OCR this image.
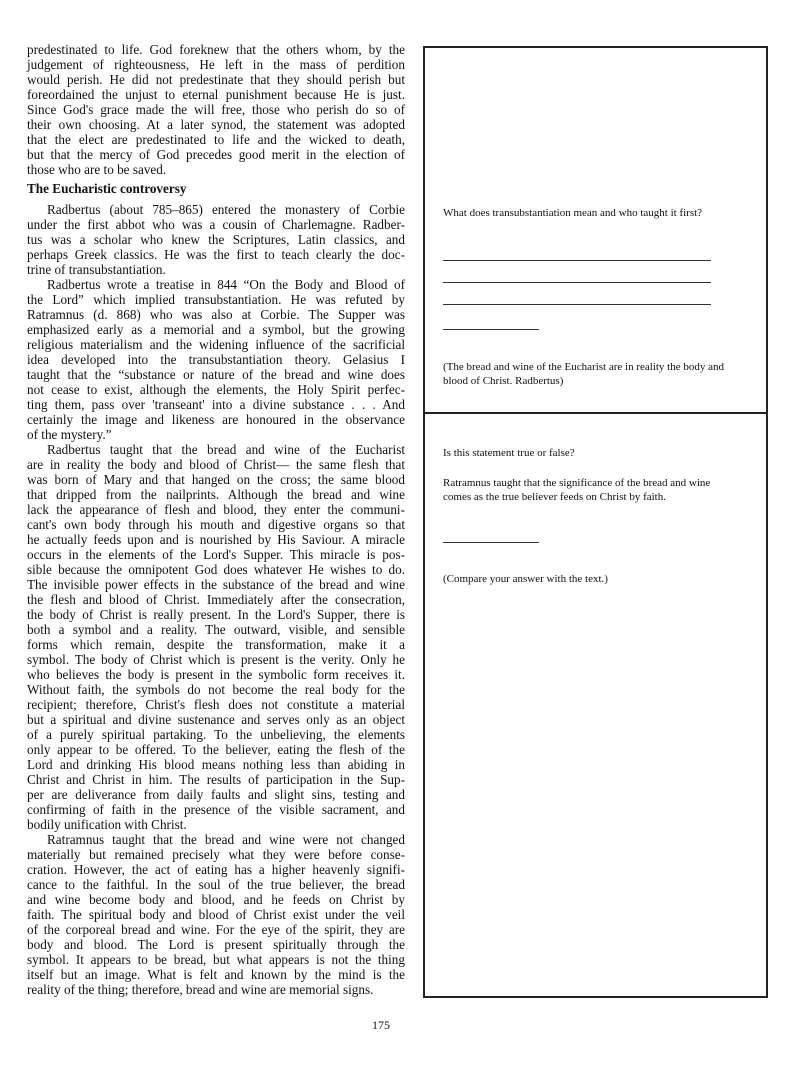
predestinated to life. God foreknew that the others whom, by the
judgement of righteousness, He left in the mass of perdition
would perish. He did not predestinate that they should perish but
foreordained the unjust to eternal punishment because He is just.
Since God's grace made the will free, those who perish do so of
their own choosing. At a later synod, the statement was adopted
that the elect are predestinated to life and the wicked to death,
but that the mercy of God precedes good merit in the election of
those who are to be saved.
The Eucharistic controversy
Radbertus (about 785–865) entered the monastery of Corbie
under the first abbot who was a cousin of Charlemagne. Radber-
tus was a scholar who knew the Scriptures, Latin classics, and
perhaps Greek classics. He was the first to teach clearly the doc-
trine of transubstantiation.
Radbertus wrote a treatise in 844 “On the Body and Blood of
the Lord” which implied transubstantiation. He was refuted by
Ratramnus (d. 868) who was also at Corbie. The Supper was
emphasized early as a memorial and a symbol, but the growing
religious materialism and the widening influence of the sacrificial
idea developed into the transubstantiation theory. Gelasius I
taught that the “substance or nature of the bread and wine does
not cease to exist, although the elements, the Holy Spirit perfec-
ting them, pass over 'transeant' into a divine substance . . . And
certainly the image and likeness are honoured in the observance
of the mystery.”
Radbertus taught that the bread and wine of the Eucharist
are in reality the body and blood of Christ— the same flesh that
was born of Mary and that hanged on the cross; the same blood
that dripped from the nailprints. Although the bread and wine
lack the appearance of flesh and blood, they enter the communi-
cant's own body through his mouth and digestive organs so that
he actually feeds upon and is nourished by His Saviour. A miracle
occurs in the elements of the Lord's Supper. This miracle is pos-
sible because the omnipotent God does whatever He wishes to do.
The invisible power effects in the substance of the bread and wine
the flesh and blood of Christ. Immediately after the consecration,
the body of Christ is really present. In the Lord's Supper, there is
both a symbol and a reality. The outward, visible, and sensible
forms which remain, despite the transformation, make it a
symbol. The body of Christ which is present is the verity. Only he
who believes the body is present in the symbolic form receives it.
Without faith, the symbols do not become the real body for the
recipient; therefore, Christ's flesh does not constitute a material
but a spiritual and divine sustenance and serves only as an object
of a purely spiritual partaking. To the unbelieving, the elements
only appear to be offered. To the believer, eating the flesh of the
Lord and drinking His blood means nothing less than abiding in
Christ and Christ in him. The results of participation in the Sup-
per are deliverance from daily faults and slight sins, testing and
confirming of faith in the presence of the visible sacrament, and
bodily unification with Christ.
Ratramnus taught that the bread and wine were not changed
materially but remained precisely what they were before conse-
cration. However, the act of eating has a higher heavenly signifi-
cance to the faithful. In the soul of the true believer, the bread
and wine become body and blood, and he feeds on Christ by
faith. The spiritual body and blood of Christ exist under the veil
of the corporeal bread and wine. For the eye of the spirit, they are
body and blood. The Lord is present spiritually through the
symbol. It appears to be bread, but what appears is not the thing
itself but an image. What is felt and known by the mind is the
reality of the thing; therefore, bread and wine are memorial signs.
What does transubstantiation mean and who taught it first?
(The bread and wine of the Eucharist are in reality the body and blood of Christ. Radbertus)
Is this statement true or false?
Ratramnus taught that the significance of the bread and wine comes as the true believer feeds on Christ by faith.
(Compare your answer with the text.)
175
